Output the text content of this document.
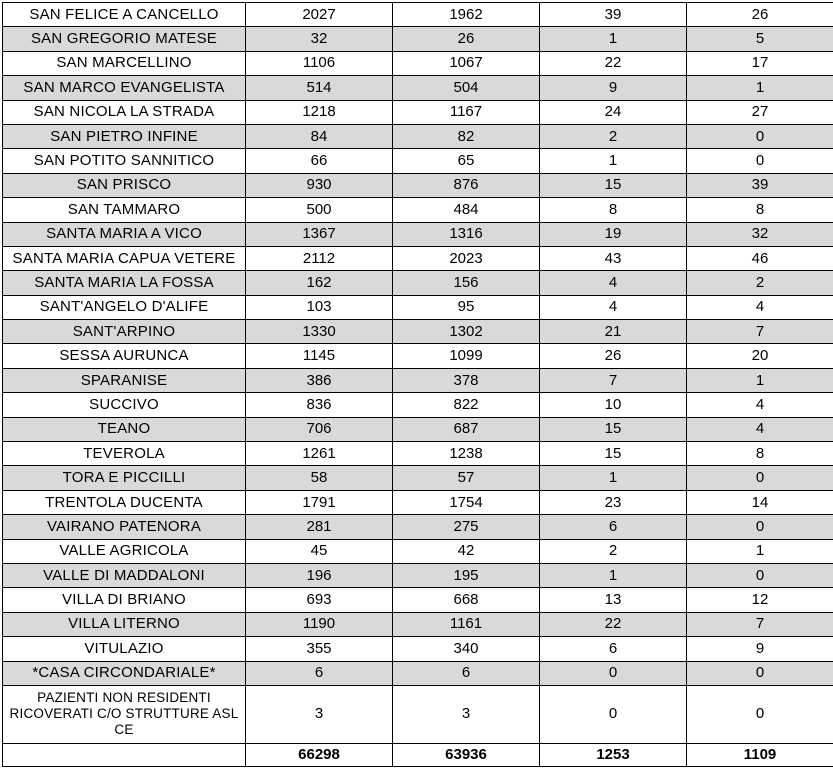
SAN FELICE A CANCELLO	2027	1962	39	26
SAN GREGORIO MATESE	32	26	1	5
SAN MARCELLINO	1106	1067	22	17
SAN MARCO EVANGELISTA	514	504	9	1
SAN NICOLA LA STRADA	1218	1167	24	27
SAN PIETRO INFINE	84	82	2	0
SAN POTITO SANNITICO	66	65	1	0
SAN PRISCO	930	876	15	39
SAN TAMMARO	500	484	8	8
SANTA MARIA A VICO	1367	1316	19	32
SANTA MARIA CAPUA VETERE	2112	2023	43	46
SANTA MARIA LA FOSSA	162	156	4	2
SANT'ANGELO D'ALIFE	103	95	4	4
SANT'ARPINO	1330	1302	21	7
SESSA AURUNCA	1145	1099	26	20
SPARANISE	386	378	7	1
SUCCIVO	836	822	10	4
TEANO	706	687	15	4
TEVEROLA	1261	1238	15	8
TORA E PICCILLI	58	57	1	0
TRENTOLA DUCENTA	1791	1754	23	14
VAIRANO PATENORA	281	275	6	0
VALLE AGRICOLA	45	42	2	1
VALLE DI MADDALONI	196	195	1	0
VILLA DI BRIANO	693	668	13	12
VILLA LITERNO	1190	1161	22	7
VITULAZIO	355	340	6	9
*CASA CIRCONDARIALE*	6	6	0	0
PAZIENTI NON RESIDENTI RICOVERATI C/O STRUTTURE ASL CE	3	3	0	0
	66298	63936	1253	1109
